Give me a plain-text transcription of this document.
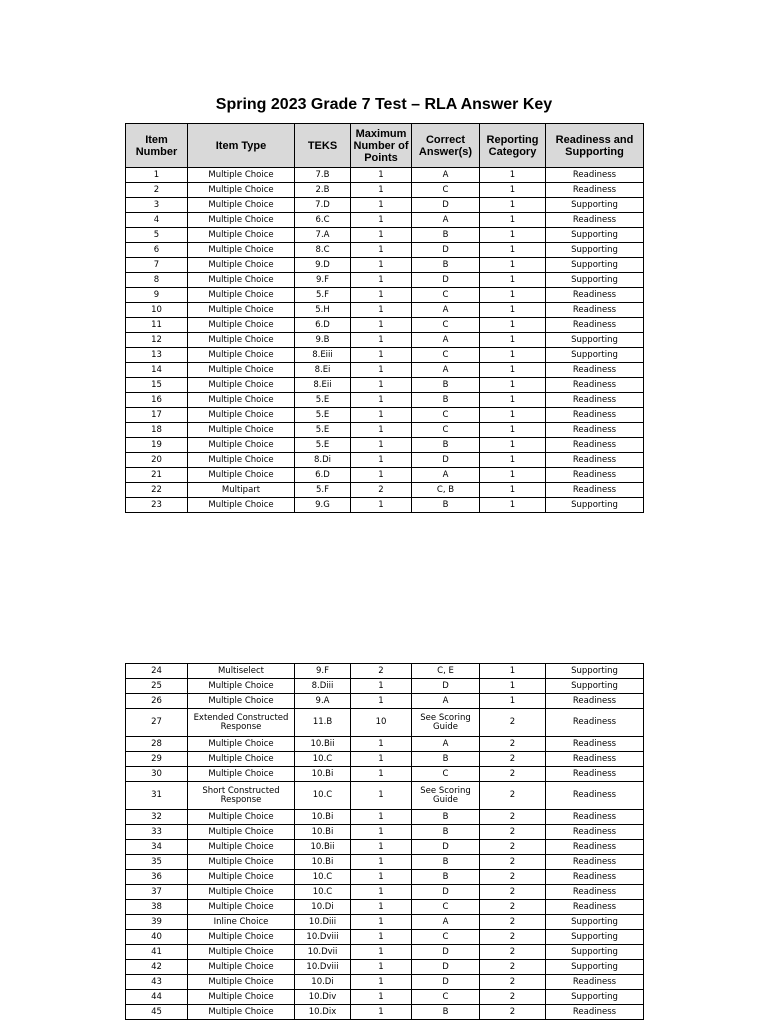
Spring 2023 Grade 7 Test – RLA Answer Key
Item Number	Item Type	TEKS	Maximum Number of Points	Correct Answer(s)	Reporting Category	Readiness and Supporting
1	Multiple Choice	7.B	1	A	1	Readiness
2	Multiple Choice	2.B	1	C	1	Readiness
3	Multiple Choice	7.D	1	D	1	Supporting
4	Multiple Choice	6.C	1	A	1	Readiness
5	Multiple Choice	7.A	1	B	1	Supporting
6	Multiple Choice	8.C	1	D	1	Supporting
7	Multiple Choice	9.D	1	B	1	Supporting
8	Multiple Choice	9.F	1	D	1	Supporting
9	Multiple Choice	5.F	1	C	1	Readiness
10	Multiple Choice	5.H	1	A	1	Readiness
11	Multiple Choice	6.D	1	C	1	Readiness
12	Multiple Choice	9.B	1	A	1	Supporting
13	Multiple Choice	8.Eiii	1	C	1	Supporting
14	Multiple Choice	8.Ei	1	A	1	Readiness
15	Multiple Choice	8.Eii	1	B	1	Readiness
16	Multiple Choice	5.E	1	B	1	Readiness
17	Multiple Choice	5.E	1	C	1	Readiness
18	Multiple Choice	5.E	1	C	1	Readiness
19	Multiple Choice	5.E	1	B	1	Readiness
20	Multiple Choice	8.Di	1	D	1	Readiness
21	Multiple Choice	6.D	1	A	1	Readiness
22	Multipart	5.F	2	C, B	1	Readiness
23	Multiple Choice	9.G	1	B	1	Supporting
24	Multiselect	9.F	2	C, E	1	Supporting
25	Multiple Choice	8.Diii	1	D	1	Supporting
26	Multiple Choice	9.A	1	A	1	Readiness
27	Extended Constructed Response	11.B	10	See Scoring Guide	2	Readiness
28	Multiple Choice	10.Bii	1	A	2	Readiness
29	Multiple Choice	10.C	1	B	2	Readiness
30	Multiple Choice	10.Bi	1	C	2	Readiness
31	Short Constructed Response	10.C	1	See Scoring Guide	2	Readiness
32	Multiple Choice	10.Bi	1	B	2	Readiness
33	Multiple Choice	10.Bi	1	B	2	Readiness
34	Multiple Choice	10.Bii	1	D	2	Readiness
35	Multiple Choice	10.Bi	1	B	2	Readiness
36	Multiple Choice	10.C	1	B	2	Readiness
37	Multiple Choice	10.C	1	D	2	Readiness
38	Multiple Choice	10.Di	1	C	2	Readiness
39	Inline Choice	10.Diii	1	A	2	Supporting
40	Multiple Choice	10.Dviii	1	C	2	Supporting
41	Multiple Choice	10.Dvii	1	D	2	Supporting
42	Multiple Choice	10.Dviii	1	D	2	Supporting
43	Multiple Choice	10.Di	1	D	2	Readiness
44	Multiple Choice	10.Div	1	C	2	Supporting
45	Multiple Choice	10.Dix	1	B	2	Readiness
